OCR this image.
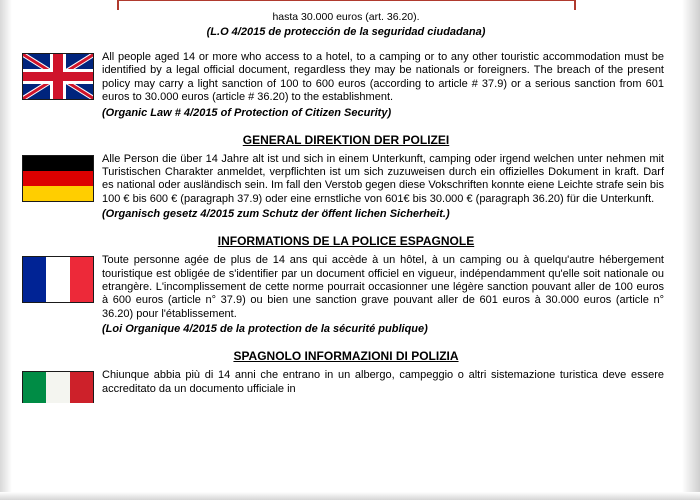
hasta 30.000 euros (art. 36.20).
(L.O 4/2015 de protección de la seguridad ciudadana)
All people aged 14 or more who access to a hotel, to a camping or to any other touristic accommodation must be identified by a legal official document, regardless they may be nationals or foreigners. The breach of the present policy may carry a light sanction of 100 to 600 euros (according to article # 37.9) or a serious sanction from 601 euros to 30.000 euros (article # 36.20) to the establishment.
(Organic Law # 4/2015 of Protection of Citizen Security)
GENERAL DIREKTION DER POLIZEI
Alle Person die über 14 Jahre alt ist und sich in einem Unterkunft, camping oder irgend welchen unter nehmen mit Turistischen Charakter anmeldet, verpflichten ist um sich zuzuweisen durch ein offizielles Dokument in kraft. Darf es national oder ausländisch sein. Im fall den Verstob gegen diese Vokschriften konnte eiene Leichte strafe sein bis 100 € bis 600 € (paragraph 37.9) oder eine ernstliche von 601€ bis 30.000 € (paragraph 36.20) für die Unterkunft.
(Organisch gesetz 4/2015 zum Schutz der öffent lichen Sicherheit.)
INFORMATIONS DE LA POLICE ESPAGNOLE
Toute personne agée de plus de 14 ans qui accède à un hôtel, à un camping ou à quelqu'autre hébergement touristique est obligée de s'identifier par un document officiel en vigueur, indépendamment qu'elle soit nationale ou etrangère. L'incomplissement de cette norme pourrait occasionner une légère sanction pouvant aller de 100 euros à 600 euros (article n° 37.9) ou bien une sanction grave pouvant aller de 601 euros à 30.000 euros (article n° 36.20) pour l'établissement.
(Loi Organique 4/2015 de la protection de la sécurité publique)
SPAGNOLO INFORMAZIONI DI POLIZIA
Chiunque abbia più di 14 anni che entrano in un albergo, campeggio o altri sistemazione turistica deve essere accreditato da un documento ufficiale in
